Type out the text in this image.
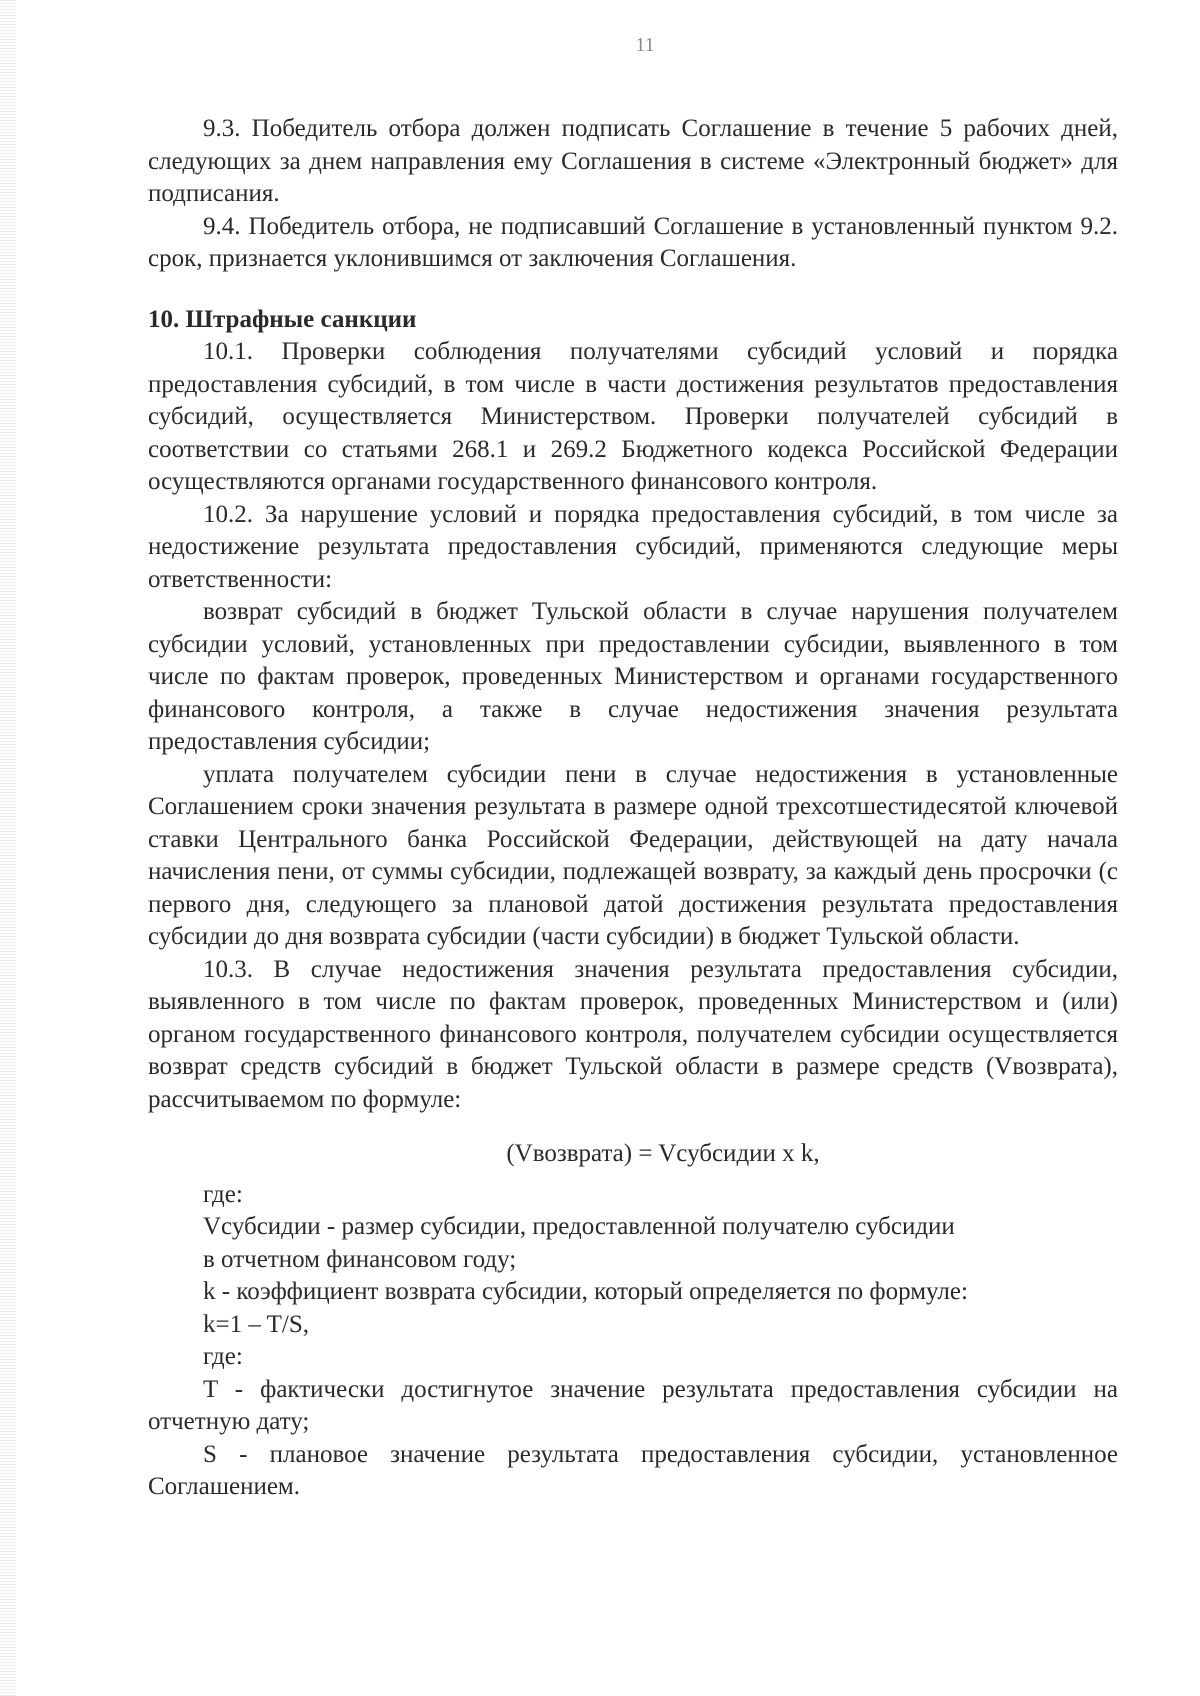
11

9.3. Победитель отбора должен подписать Соглашение в течение 5 рабочих дней, следующих за днем направления ему Соглашения в системе «Электронный бюджет» для подписания.

9.4. Победитель отбора, не подписавший Соглашение в установленный пунктом 9.2. срок, признается уклонившимся от заключения Соглашения.

10. Штрафные санкции

10.1. Проверки соблюдения получателями субсидий условий и порядка предоставления субсидий, в том числе в части достижения результатов предоставления субсидий, осуществляется Министерством. Проверки получателей субсидий в соответствии со статьями 268.1 и 269.2 Бюджетного кодекса Российской Федерации осуществляются органами государственного финансового контроля.

10.2. За нарушение условий и порядка предоставления субсидий, в том числе за недостижение результата предоставления субсидий, применяются следующие меры ответственности:

возврат субсидий в бюджет Тульской области в случае нарушения получателем субсидии условий, установленных при предоставлении субсидии, выявленного в том числе по фактам проверок, проведенных Министерством и органами государственного финансового контроля, а также в случае недостижения значения результата предоставления субсидии;

уплата получателем субсидии пени в случае недостижения в установленные Соглашением сроки значения результата в размере одной трехсотшестидесятой ключевой ставки Центрального банка Российской Федерации, действующей на дату начала начисления пени, от суммы субсидии, подлежащей возврату, за каждый день просрочки (с первого дня, следующего за плановой датой достижения результата предоставления субсидии до дня возврата субсидии (части субсидии) в бюджет Тульской области.

10.3. В случае недостижения значения результата предоставления субсидии, выявленного в том числе по фактам проверок, проведенных Министерством и (или) органом государственного финансового контроля, получателем субсидии осуществляется возврат средств субсидий в бюджет Тульской области в размере средств (Vвозврата), рассчитываемом по формуле:

(Vвозврата) = Vсубсидии x k,

где:

Vсубсидии - размер субсидии, предоставленной получателю субсидии

в отчетном финансовом году;

k - коэффициент возврата субсидии, который определяется по формуле:

k=1 – T/S,

где:

T - фактически достигнутое значение результата предоставления субсидии на отчетную дату;

S - плановое значение результата предоставления субсидии, установленное Соглашением.
